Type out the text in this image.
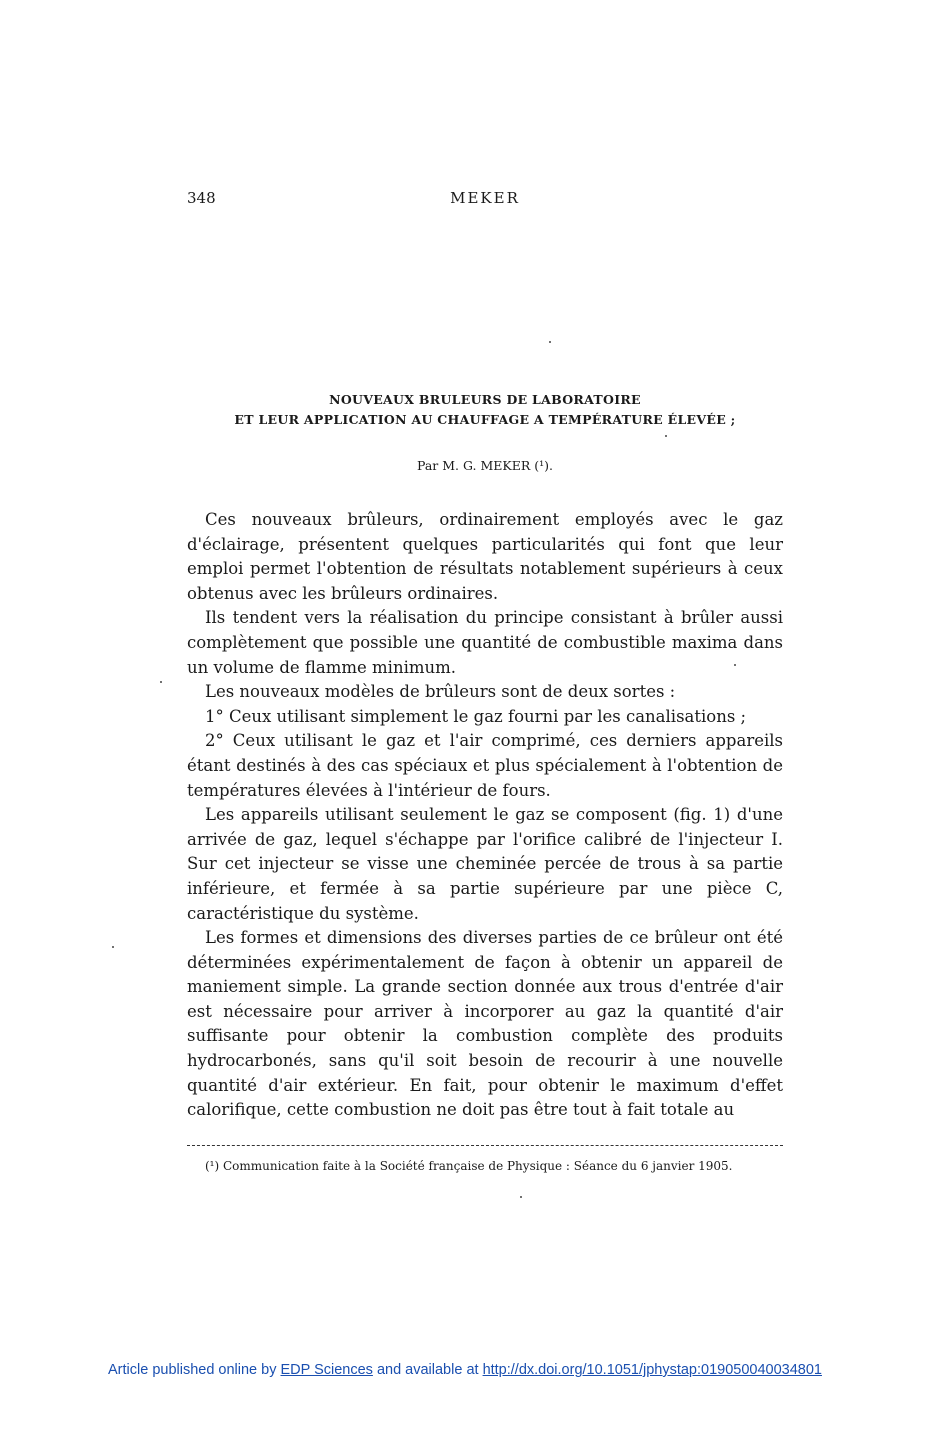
348	MEKER
NOUVEAUX BRULEURS DE LABORATOIRE
ET LEUR APPLICATION AU CHAUFFAGE A TEMPÉRATURE ÉLEVÉE ;
Par M. G. MEKER (¹).

Ces nouveaux brûleurs, ordinairement employés avec le gaz d'éclairage, présentent quelques particularités qui font que leur emploi permet l'obtention de résultats notablement supérieurs à ceux obtenus avec les brûleurs ordinaires.

Ils tendent vers la réalisation du principe consistant à brûler aussi complètement que possible une quantité de combustible maxima dans un volume de flamme minimum.

Les nouveaux modèles de brûleurs sont de deux sortes :

1° Ceux utilisant simplement le gaz fourni par les canalisations ;

2° Ceux utilisant le gaz et l'air comprimé, ces derniers appareils étant destinés à des cas spéciaux et plus spécialement à l'obtention de températures élevées à l'intérieur de fours.

Les appareils utilisant seulement le gaz se composent (fig. 1) d'une arrivée de gaz, lequel s'échappe par l'orifice calibré de l'injecteur I. Sur cet injecteur se visse une cheminée percée de trous à sa partie inférieure, et fermée à sa partie supérieure par une pièce C, caractéristique du système.

Les formes et dimensions des diverses parties de ce brûleur ont été déterminées expérimentalement de façon à obtenir un appareil de maniement simple. La grande section donnée aux trous d'entrée d'air est nécessaire pour arriver à incorporer au gaz la quantité d'air suffisante pour obtenir la combustion complète des produits hydrocarbonés, sans qu'il soit besoin de recourir à une nouvelle quantité d'air extérieur. En fait, pour obtenir le maximum d'effet calorifique, cette combustion ne doit pas être tout à fait totale au

(¹) Communication faite à la Société française de Physique : Séance du 6 janvier 1905.
Article published online by EDP Sciences and available at http://dx.doi.org/10.1051/jphystap:019050040034801
